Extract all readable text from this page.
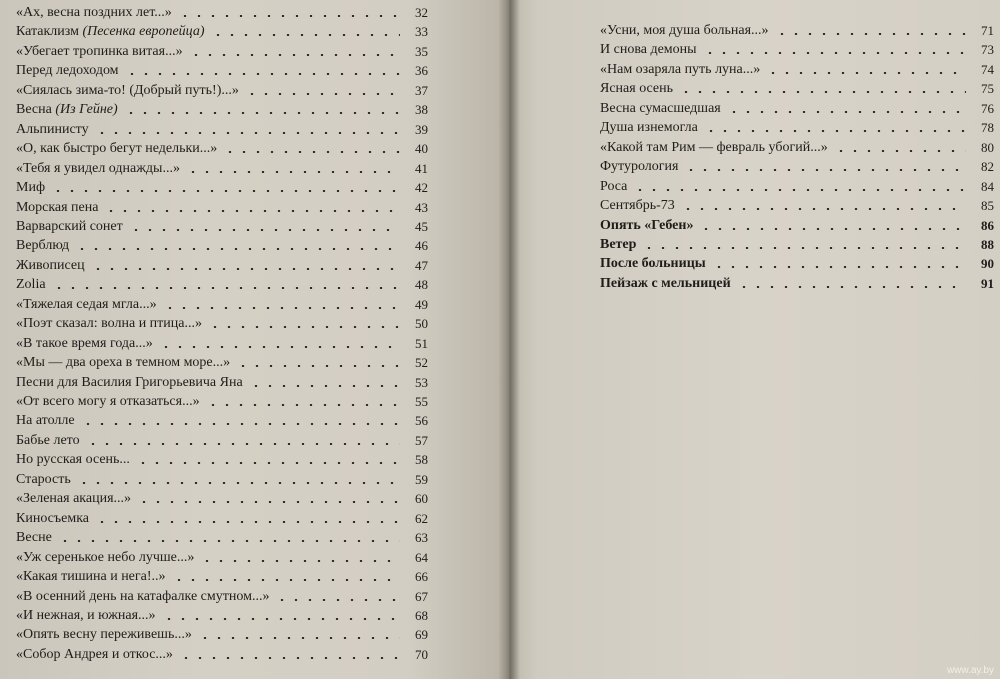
«Ах, весна поздних лет...»	32
Катаклизм (Песенка европейца)	33
«Убегает тропинка витая...»	35
Перед ледоходом	36
«Сиялась зима-то! (Добрый путь!)...»	37
Весна (Из Гейне)	38
Альпинисту	39
«О, как быстро бегут недельки...»	40
«Тебя я увидел однажды...»	41
Миф	42
Морская пена	43
Варварский сонет	45
Верблюд	46
Живописец	47
Zolia	48
«Тяжелая седая мгла...»	49
«Поэт сказал: волна и птица...»	50
«В такое время года...»	51
«Мы — два ореха в темном море...»	52
Песни для Василия Григорьевича Яна	53
«От всего могу я отказаться...»	55
На атолле	56
Бабье лето	57
Но русская осень...	58
Старость	59
«Зеленая акация...»	60
Киносъемка	62
Весне	63
«Уж серенькое небо лучше...»	64
«Какая тишина и нега!..»	66
«В осенний день на катафалке смутном...»	67
«И нежная, и южная...»	68
«Опять весну переживешь...»	69
«Собор Андрея и откос...»	70
«Усни, моя душа больная...»	71
И снова демоны	73
«Нам озаряла путь луна...»	74
Ясная осень	75
Весна сумасшедшая	76
Душа изнемогла	78
«Какой там Рим — февраль убогий...»	80
Футурология	82
Роса	84
Сентябрь-73	85
Опять «Гебен»	86
Ветер	88
После больницы	90
Пейзаж с мельницей	91
www.ay.by
